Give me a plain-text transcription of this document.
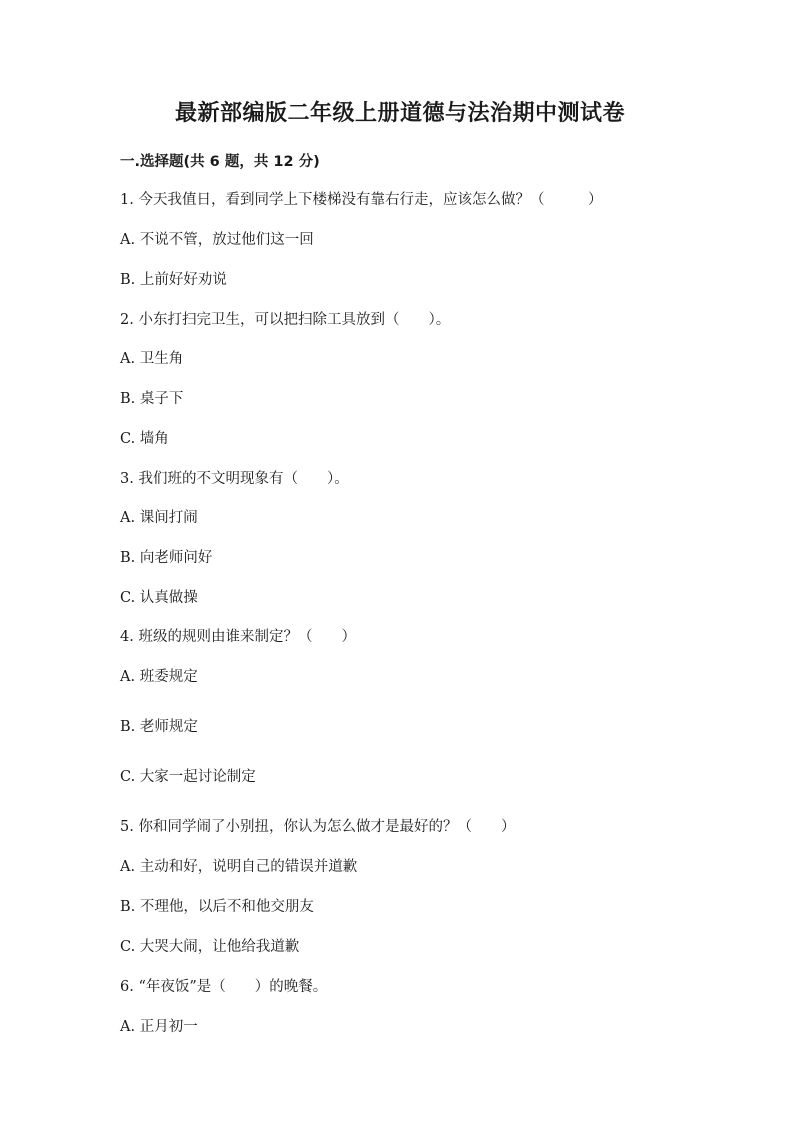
最新部编版二年级上册道德与法治期中测试卷
一.选择题(共 6 题，共 12 分)
1. 今天我值日，看到同学上下楼梯没有靠右行走，应该怎么做？（　　　）
A. 不说不管，放过他们这一回
B. 上前好好劝说
2. 小东打扫完卫生，可以把扫除工具放到（　　）。
A. 卫生角
B. 桌子下
C. 墙角
3. 我们班的不文明现象有（　　）。
A. 课间打闹
B. 向老师问好
C. 认真做操
4. 班级的规则由谁来制定？（　　）
A. 班委规定
B. 老师规定
C. 大家一起讨论制定
5. 你和同学闹了小别扭，你认为怎么做才是最好的？（　　）
A. 主动和好，说明自己的错误并道歉
B. 不理他，以后不和他交朋友
C. 大哭大闹，让他给我道歉
6. “年夜饭”是（　　）的晚餐。
A. 正月初一
